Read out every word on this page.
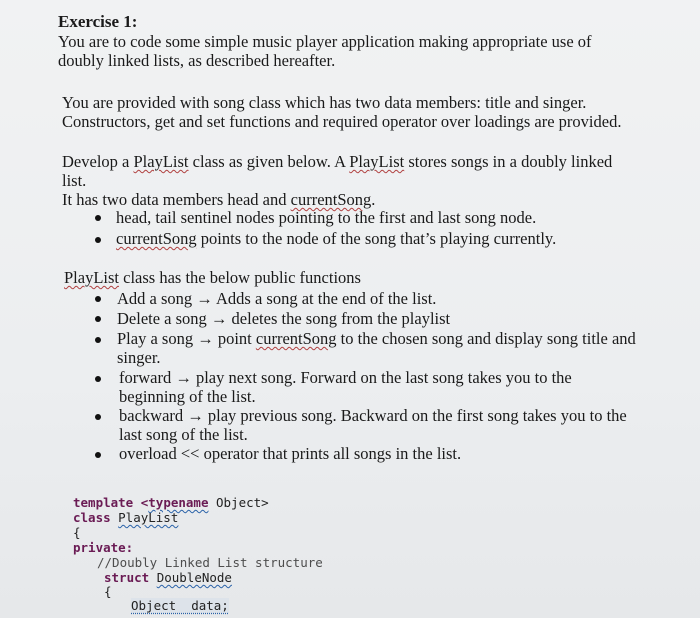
Exercise 1:
You are to code some simple music player application making appropriate use of
doubly linked lists, as described hereafter.
You are provided with song class which has two data members: title and singer.
Constructors, get and set functions and required operator over loadings are provided.
Develop a PlayList class as given below. A PlayList stores songs in a doubly linked
list.
It has two data members head and currentSong.
head, tail sentinel nodes pointing to the first and last song node.
currentSong points to the node of the song that’s playing currently.
PlayList class has the below public functions
Add a song → Adds a song at the end of the list.
Delete a song → deletes the song from the playlist
Play a song → point currentSong to the chosen song and display song title and
singer.
forward → play next song. Forward on the last song takes you to the
beginning of the list.
backward → play previous song. Backward on the first song takes you to the
last song of the list.
overload << operator that prints all songs in the list.
template <typename Object>
class PlayList
{
private:
//Doubly Linked List structure
struct DoubleNode
{
Object  data;
